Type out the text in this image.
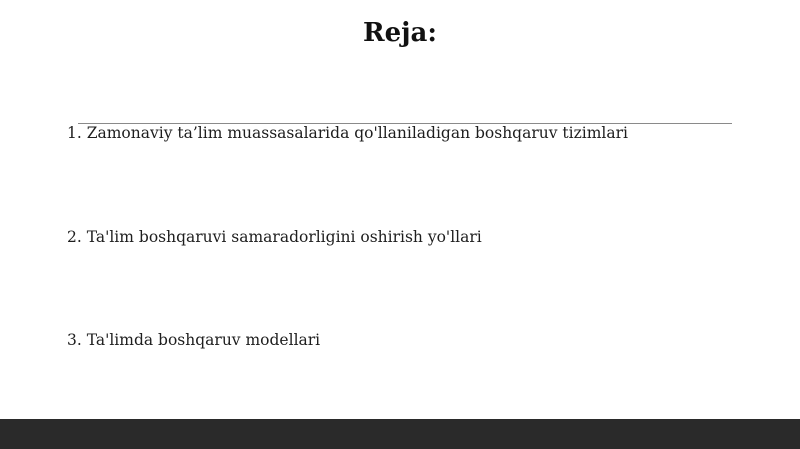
Reja:
1. Zamonaviy ta’lim muassasalarida qo'llaniladigan boshqaruv tizimlari
2. Ta'lim boshqaruvi samaradorligini oshirish yo'llari
3. Ta'limda boshqaruv modellari
